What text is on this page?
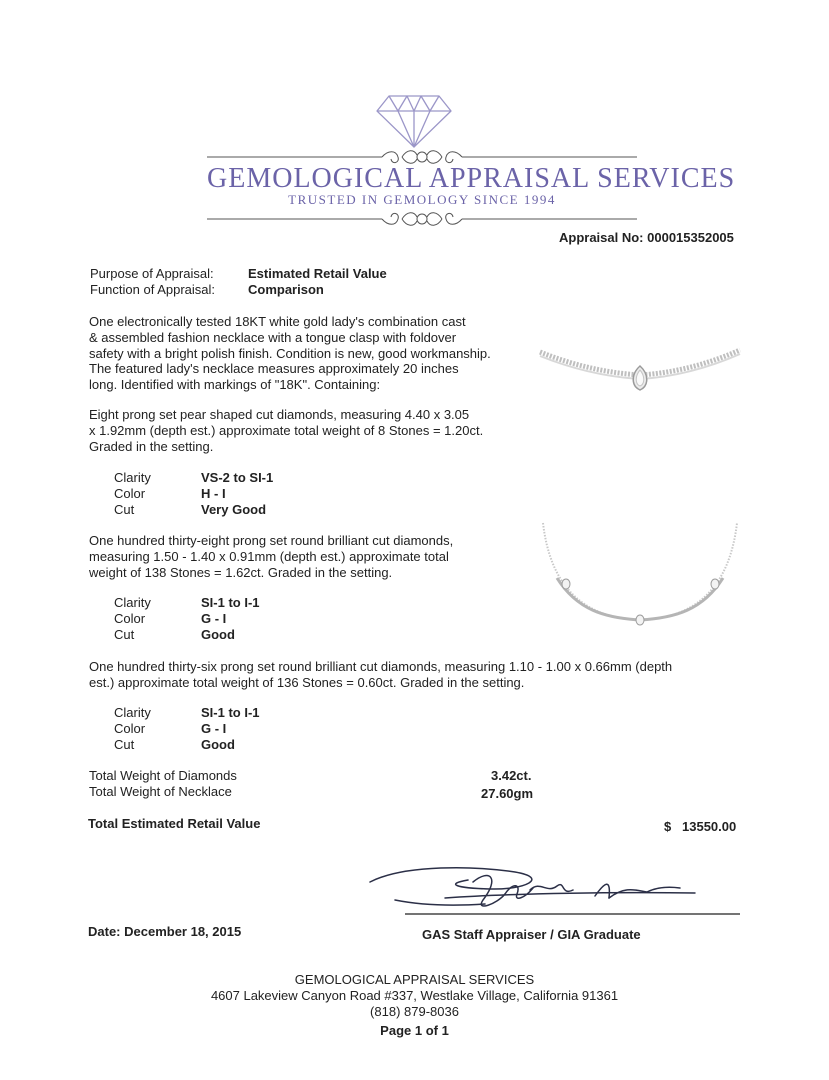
GEMOLOGICAL APPRAISAL SERVICES
TRUSTED IN GEMOLOGY SINCE 1994
Appraisal No: 000015352005
Purpose of Appraisal:	Estimated Retail Value
Function of Appraisal:	Comparison
One electronically tested 18KT white gold lady's combination cast
& assembled fashion necklace with a tongue clasp with foldover
safety with a bright polish finish. Condition is new, good workmanship.
The featured lady's necklace measures approximately 20 inches
long. Identified with markings of "18K". Containing:
Eight prong set pear shaped cut diamonds, measuring 4.40 x 3.05
x 1.92mm (depth est.) approximate total weight of 8 Stones = 1.20ct.
Graded in the setting.
Clarity	VS-2 to SI-1
Color	H - I
Cut	Very Good
One hundred thirty-eight prong set round brilliant cut diamonds,
measuring 1.50 - 1.40 x 0.91mm (depth est.) approximate total
weight of 138 Stones = 1.62ct. Graded in the setting.
Clarity	SI-1 to I-1
Color	G - I
Cut	Good
One hundred thirty-six prong set round brilliant cut diamonds, measuring 1.10 - 1.00 x 0.66mm (depth
est.) approximate total weight of 136 Stones = 0.60ct. Graded in the setting.
Clarity	SI-1 to I-1
Color	G - I
Cut	Good
Total Weight of Diamonds	3.42ct.
Total Weight of Necklace	27.60gm
Total Estimated Retail Value	$ 13550.00
Date: December 18, 2015	GAS Staff Appraiser / GIA Graduate
GEMOLOGICAL APPRAISAL SERVICES
4607 Lakeview Canyon Road #337, Westlake Village, California 91361
(818) 879-8036
Page 1 of 1
